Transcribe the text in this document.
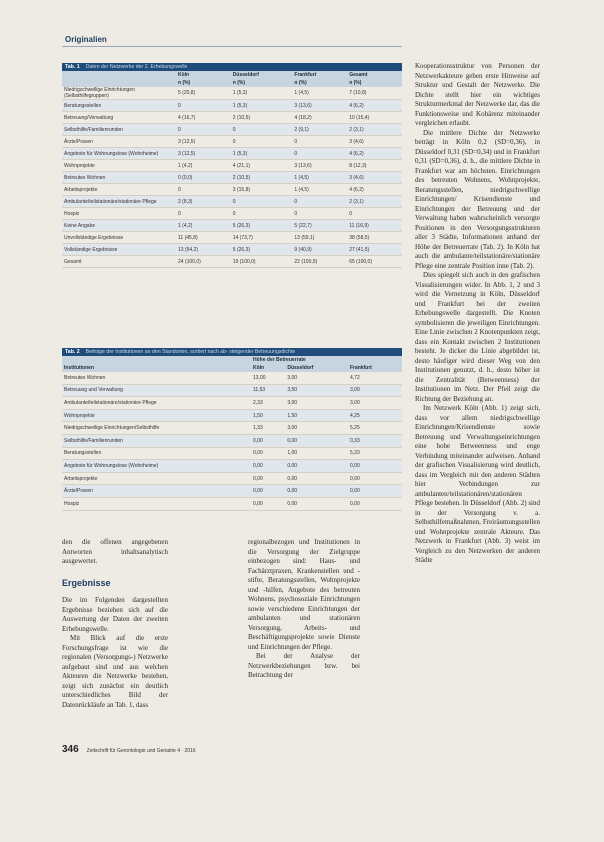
Originalien
Tab. 1 Daten der Netzwerke der 2. Erhebungswelle
	Köln	Düsseldorf	Frankfurt	Gesamt
	n (%)	n (%)	n (%)	n (%)
Niedrigschwellige Einrichtungen (Selbsthilfegruppen)	5 (20,8)	1 (5,3)	1 (4,5)	7 (10,8)
Beratungsstellen	0	1 (5,3)	3 (13,6)	4 (6,2)
Betreuung/Verwaltung	4 (16,7)	2 (10,5)	4 (18,2)	10 (15,4)
Selbsthilfe/Familienrunden	0	0	2 (9,1)	2 (3,1)
Ärzte/Praxen	3 (12,5)	0	0	3 (4,6)
Angebote für Wohnungslose (Wohnheime)	3 (12,5)	1 (5,3)	0	4 (6,2)
Wohnprojekte	1 (4,2)	4 (21,1)	3 (13,6)	8 (12,3)
Betreutes Wohnen	0 (0,0)	2 (10,5)	1 (4,5)	3 (4,6)
Arbeitsprojekte	0	3 (15,8)	1 (4,5)	4 (6,2)
Ambulante/teilstationäre/stationäre Pflege	2 (8,3)	0	0	2 (3,1)
Hospiz	0	0	0	0
Keine Angabe	1 (4,2)	5 (26,3)	5 (22,7)	11 (16,9)
Unvollständige Ergebnisse	11 (45,8)	14 (73,7)	13 (59,1)	38 (58,5)
Vollständige Ergebnisse	13 (54,2)	5 (26,3)	9 (40,9)	27 (41,5)
Gesamt	24 (100,0)	19 (100,0)	22 (100,0)	65 (100,0)
Tab. 2 Beiträge der Institutionen an den Standorten, sortiert nach ab- steigender Betreuungsdichte
	Höhe der Betreuerrate		
Institutionen	Köln	Düsseldorf	Frankfurt
Betreutes Wohnen	13,00	3,00	4,72
Betreuung und Verwaltung	11,53	3,50	3,00
Ambulante/teilstationäre/stationäre Pflege	2,33	3,00	3,00
Wohnprojekte	1,50	1,50	4,25
Niedrigschwellige Einrichtungen/Selbsthilfe	1,33	3,00	5,25
Selbsthilfe/Familienrunden	0,00	0,00	0,33
Beratungsstellen	0,00	1,00	5,33
Angebote für Wohnungslose (Wohnheime)	0,00	0,00	0,00
Arbeitsprojekte	0,00	0,00	0,00
Ärzte/Praxen	0,00	0,00	0,00
Hospiz	0,00	0,00	0,00

den die offenen angegebenen Antworten inhaltsanalytisch ausgewertet.

Ergebnisse

Die im Folgenden dargestellten Ergebnisse beziehen sich auf die Auswertung der Daten der zweiten Erhebungswelle.

Mit Blick auf die erste Forschungsfrage ist wie die regionalen (Versorgungs-) Netzwerke aufgebaut sind und aus welchen Akteuren die Netzwerke bestehen, zeigt sich zunächst ein deutlich unterschiedliches Bild der Datenrückläufe an Tab. 1, dass

regionalbezogen und Institutionen in die Versorgung der Zielgruppe einbezogen sind: Haus- und Fachärztpraxen, Krankenstellen und -stifte, Beratungsstellen, Wohnprojekte und -hilfen, Angebote des betreuten Wohnens, psychosoziale Einrichtungen sowie verschiedene Einrichtungen der ambulanten und stationären Versorgung, Arbeits- und Beschäftigungsprojekte sowie Dienste und Einrichtungen der Pflege.

Bei der Analyse der Netzwerkbeziehungen bzw. bei Betrachtung der

Kooperationsstruktur von Personen der Netzwerkakteure geben erste Hinweise auf Struktur und Gestalt der Netzwerke. Die Dichte stellt hier ein wichtiges Strukturmerkmal der Netzwerke dar, das die Funktionsweise und Kohärenz miteinander vergleichen erlaubt.

Die mittlere Dichte der Netzwerke beträgt in Köln 0,2 (SD=0,36), in Düsseldorf 0,31 (SD=0,34) und in Frankfurt 0,31 (SD=0,36), d. h., die mittlere Dichte in Frankfurt war am höchsten. Einrichtungen des betreuten Wohnens, Wohnprojekte, Beratungsstellen, niedrigschwellige Einrichtungen/ Krisendienste und Einrichtungen der Betreuung und der Verwaltung haben wahrscheinlich versorgte Positionen in den Versorgungsstrukturen aller 3 Städte, Informationen anhand der Höhe der Betreuerrate (Tab. 2). In Köln hat auch die ambulante/teilstationäre/stationäre Pflege eine zentrale Position inne (Tab. 2).

Dies spiegelt sich auch in den grafischen Visualisierungen wider. In Abb. 1, 2 und 3 wird die Vernetzung in Köln, Düsseldorf und Frankfurt bei der zweiten Erhebungswelle dargestellt. Die Knoten symbolisieren die jeweiligen Einrichtungen. Eine Linie zwischen 2 Knotenpunkten zeigt, dass ein Kontakt zwischen 2 Institutionen besteht. Je dicker die Linie abgebildet ist, desto häufiger wird dieser Weg von den Institutionen genutzt, d. h., desto höher ist die Zentralität (Betweenness) der Institutionen im Netz. Der Pfeil zeigt die Richtung der Beziehung an.

Im Netzwerk Köln (Abb. 1) zeigt sich, dass vor allem niedrigschwellige Einrichtungen/Krisendienste sowie Betreuung und Verwaltungseinrichtungen eine hohe Betweenness und enge Verbindung miteinander aufweisen. Anhand der grafischen Visualisierung wird deutlich, dass im Vergleich mit den anderen Städten hier Verbindungen zur ambulanten/teilstationären/stationären Pflege bestehen. In Düsseldorf (Abb. 2) sind in der Versorgung v. a. Selbsthilfemaßnahmen, Freiräumungsstellen und Wohnprojekte zentrale Akteure. Das Netzwerk in Frankfurt (Abb. 3) weist im Vergleich zu den Netzwerken der anderen Städte

346 Zeitschrift für Gerontologie und Geriatrie 4 · 2016
